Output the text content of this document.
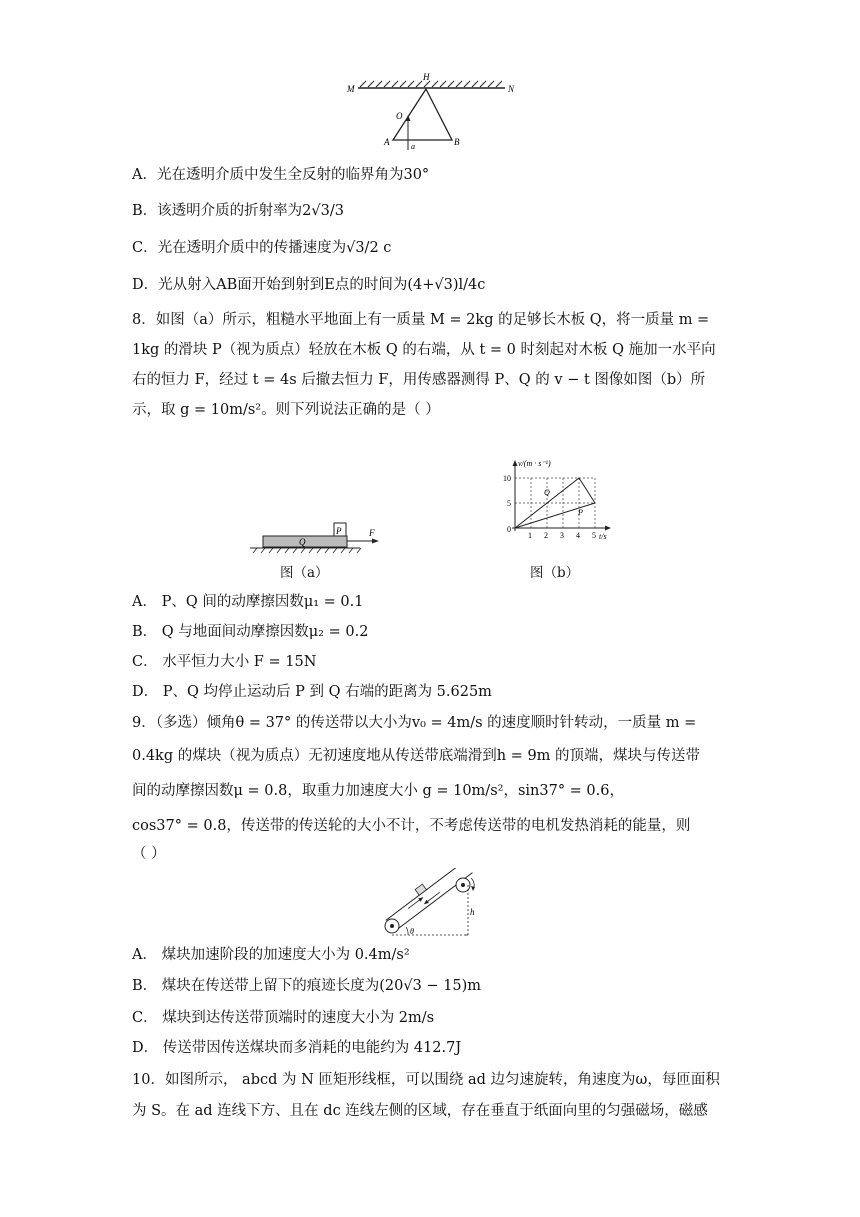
M
H
N
O
A	B
a
A．光在透明介质中发生全反射的临界角为30°
B．该透明介质的折射率为2√3/3
C．光在透明介质中的传播速度为√3/2 c
D．光从射入AB面开始到射到E点的时间为(4+√3)l/4c
8．如图（a）所示，粗糙水平地面上有一质量 M = 2kg 的足够长木板 Q，将一质量 m =
1kg 的滑块 P（视为质点）轻放在木板 Q 的右端，从 t = 0 时刻起对木板 Q 施加一水平向
右的恒力 F，经过 t = 4s 后撤去恒力 F，用传感器测得 P、Q 的 v − t 图像如图（b）所
示，取 g = 10m/s²。则下列说法正确的是（ ）
P
Q
F
图（a）
v/(m · s⁻¹)
t/s
10
5
0
1 2 3 4 5
Q
P
图（b）
A． P、Q 间的动摩擦因数μ₁ = 0.1
B． Q 与地面间动摩擦因数μ₂ = 0.2
C． 水平恒力大小 F = 15N
D． P、Q 均停止运动后 P 到 Q 右端的距离为 5.625m
9．（多选）倾角θ = 37° 的传送带以大小为v₀ = 4m/s 的速度顺时针转动，一质量 m =
0.4kg 的煤块（视为质点）无初速度地从传送带底端滑到h = 9m 的顶端，煤块与传送带
间的动摩擦因数μ = 0.8，取重力加速度大小 g = 10m/s²，sin37° = 0.6，
cos37° = 0.8，传送带的传送轮的大小不计，不考虑传送带的电机发热消耗的能量，则
（ ）
h
θ
A． 煤块加速阶段的加速度大小为 0.4m/s²
B． 煤块在传送带上留下的痕迹长度为(20√3 − 15)m
C． 煤块到达传送带顶端时的速度大小为 2m/s
D． 传送带因传送煤块而多消耗的电能约为 412.7J
10．如图所示， abcd 为 N 匝矩形线框，可以围绕 ad 边匀速旋转，角速度为ω，每匝面积
为 S。在 ad 连线下方、且在 dc 连线左侧的区域，存在垂直于纸面向里的匀强磁场，磁感
